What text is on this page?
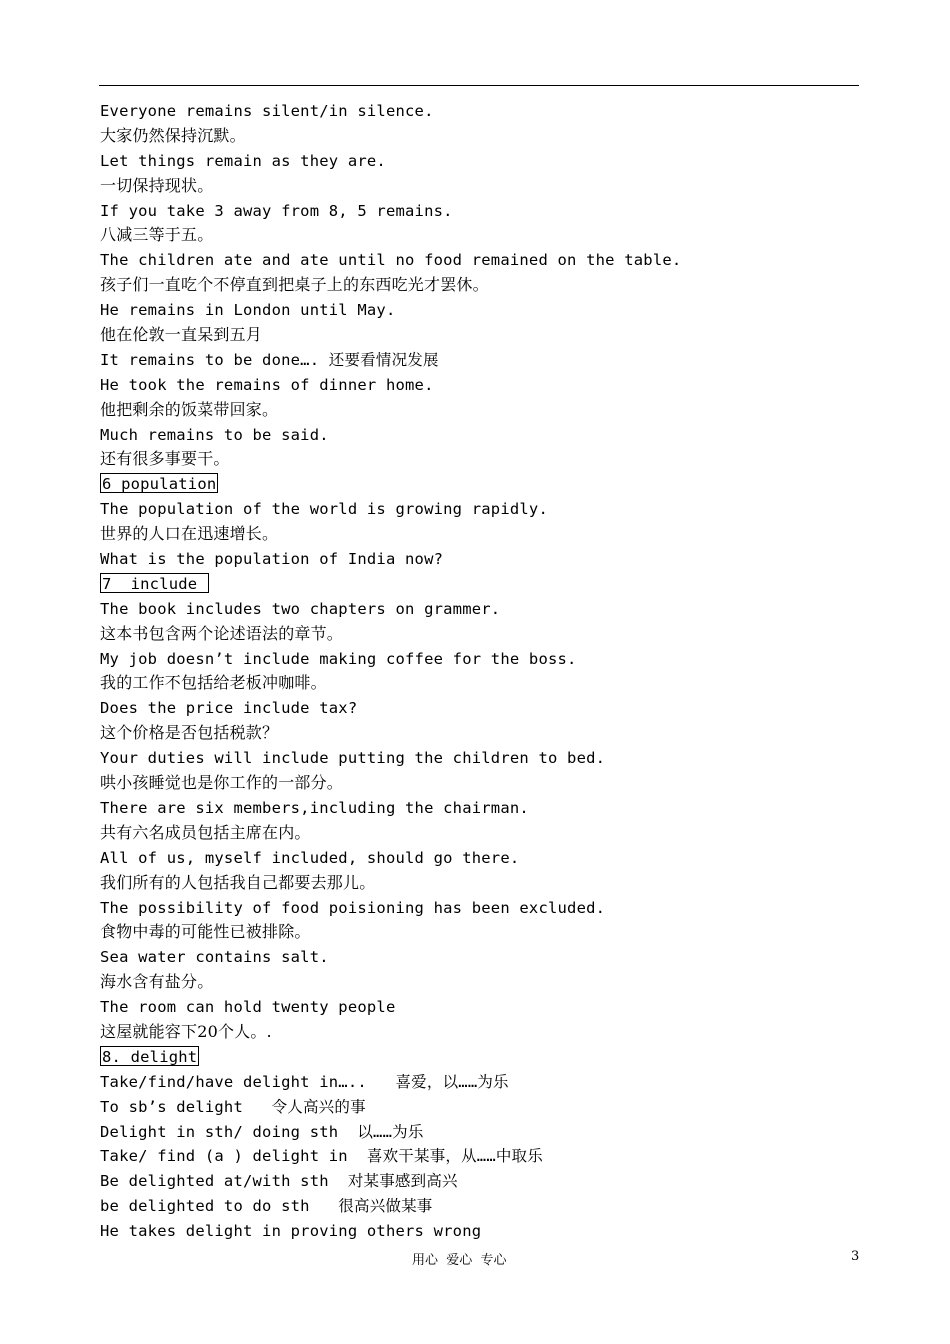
Everyone remains silent/in silence.
大家仍然保持沉默。
Let things remain as they are.
一切保持现状。
If you take 3 away from 8, 5 remains.
八减三等于五。
The children ate and ate until no food remained on the table.
孩子们一直吃个不停直到把桌子上的东西吃光才罢休。
He remains in London until May.
他在伦敦一直呆到五月
It remains to be done…. 还要看情况发展
He took the remains of dinner home.
他把剩余的饭菜带回家。
Much remains to be said.
还有很多事要干。
6 population
The population of the world is growing rapidly.
世界的人口在迅速增长。
What is the population of India now?
7  include
The book includes two chapters on grammer.
这本书包含两个论述语法的章节。
My job doesn’t include making coffee for the boss.
我的工作不包括给老板冲咖啡。
Does the price include tax?
这个价格是否包括税款？
Your duties will include putting the children to bed.
哄小孩睡觉也是你工作的一部分。
There are six members,including the chairman.
共有六名成员包括主席在内。
All of us, myself included, should go there.
我们所有的人包括我自己都要去那儿。
The possibility of food poisioning has been excluded.
食物中毒的可能性已被排除。
Sea water contains salt.
海水含有盐分。
The room can hold twenty people
这屋就能容下20个人。.
8. delight
Take/find/have delight in…..   喜爱，以……为乐
To sb’s delight   令人高兴的事
Delight in sth/ doing sth  以……为乐
Take/ find (a ) delight in  喜欢干某事，从……中取乐
Be delighted at/with sth  对某事感到高兴
be delighted to do sth   很高兴做某事
He takes delight in proving others wrong
用心  爱心  专心	3
